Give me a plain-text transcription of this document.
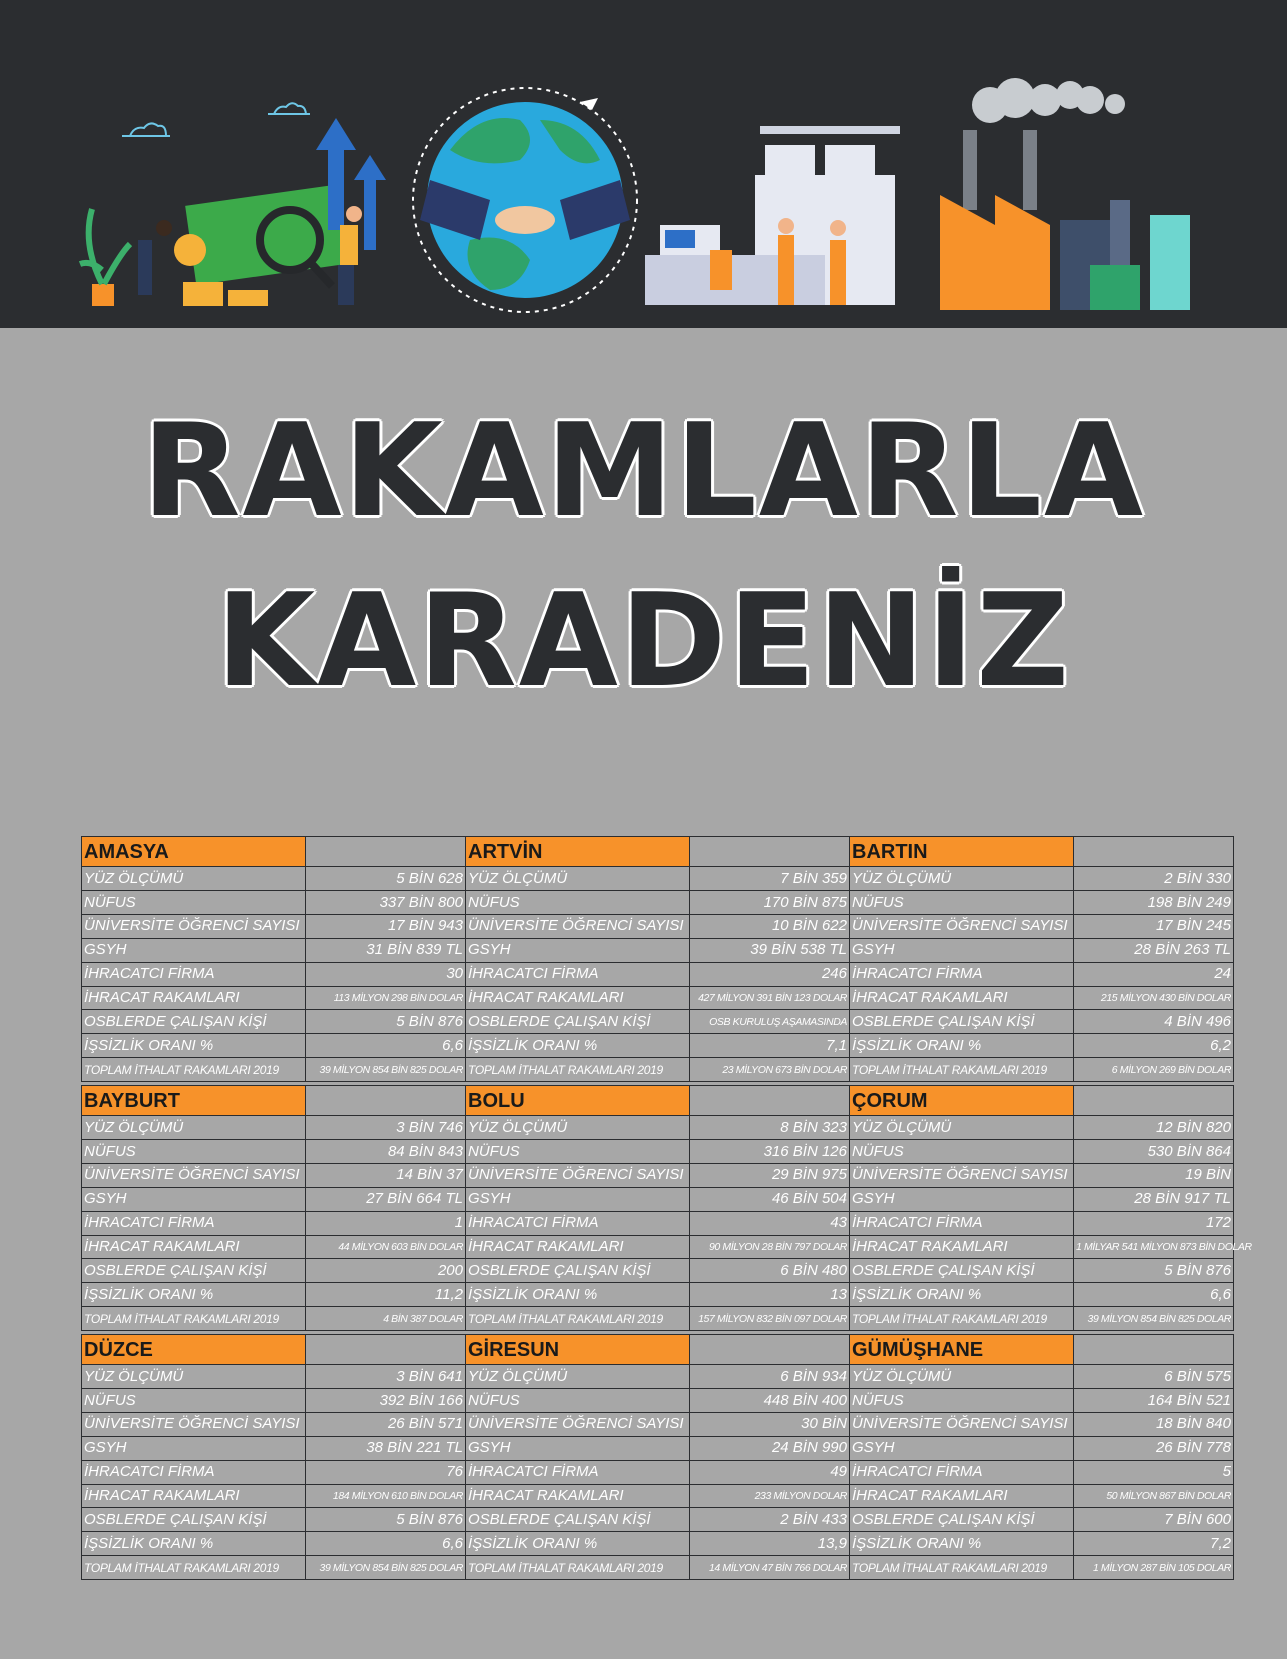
RAKAMLARLA
KARADENİZ
AMASYA	
YÜZ ÖLÇÜMÜ	5 BİN 628
NÜFUS	337 BİN 800
ÜNİVERSİTE ÖĞRENCİ SAYISI	17 BİN 943
GSYH	31 BİN 839 TL
İHRACATCI FİRMA	30
İHRACAT RAKAMLARI	113 MİLYON 298 BİN DOLAR
OSBLERDE ÇALIŞAN KİŞİ	5 BİN 876
İŞSİZLİK ORANI %	6,6
TOPLAM İTHALAT RAKAMLARI 2019	39 MİLYON 854 BİN 825 DOLAR
ARTVİN	
YÜZ ÖLÇÜMÜ	7 BİN 359
NÜFUS	170 BİN 875
ÜNİVERSİTE ÖĞRENCİ SAYISI	10 BİN 622
GSYH	39 BİN 538 TL
İHRACATCI FİRMA	246
İHRACAT RAKAMLARI	427 MİLYON 391 BİN 123 DOLAR
OSBLERDE ÇALIŞAN KİŞİ	OSB KURULUŞ AŞAMASINDA
İŞSİZLİK ORANI %	7,1
TOPLAM İTHALAT RAKAMLARI 2019	23 MİLYON 673 BİN DOLAR
BARTIN	
YÜZ ÖLÇÜMÜ	2 BİN 330
NÜFUS	198 BİN 249
ÜNİVERSİTE ÖĞRENCİ SAYISI	17 BİN 245
GSYH	28 BİN 263 TL
İHRACATCI FİRMA	24
İHRACAT RAKAMLARI	215 MİLYON 430 BİN DOLAR
OSBLERDE ÇALIŞAN KİŞİ	4 BİN 496
İŞSİZLİK ORANI %	6,2
TOPLAM İTHALAT RAKAMLARI 2019	6 MİLYON 269 BİN DOLAR
BAYBURT	
YÜZ ÖLÇÜMÜ	3 BİN 746
NÜFUS	84 BİN 843
ÜNİVERSİTE ÖĞRENCİ SAYISI	14 BİN 37
GSYH	27 BİN 664 TL
İHRACATCI FİRMA	1
İHRACAT RAKAMLARI	44 MİLYON 603 BİN DOLAR
OSBLERDE ÇALIŞAN KİŞİ	200
İŞSİZLİK ORANI %	11,2
TOPLAM İTHALAT RAKAMLARI 2019	4 BİN 387 DOLAR
BOLU	
YÜZ ÖLÇÜMÜ	8 BİN 323
NÜFUS	316 BİN 126
ÜNİVERSİTE ÖĞRENCİ SAYISI	29 BİN 975
GSYH	46 BİN 504
İHRACATCI FİRMA	43
İHRACAT RAKAMLARI	90 MİLYON 28 BİN 797 DOLAR
OSBLERDE ÇALIŞAN KİŞİ	6 BİN 480
İŞSİZLİK ORANI %	13
TOPLAM İTHALAT RAKAMLARI 2019	157 MİLYON 832 BİN 097 DOLAR
ÇORUM	
YÜZ ÖLÇÜMÜ	12 BİN 820
NÜFUS	530 BİN 864
ÜNİVERSİTE ÖĞRENCİ SAYISI	19 BİN
GSYH	28 BİN 917 TL
İHRACATCI FİRMA	172
İHRACAT RAKAMLARI	1 MİLYAR 541 MİLYON 873 BİN DOLAR
OSBLERDE ÇALIŞAN KİŞİ	5 BİN 876
İŞSİZLİK ORANI %	6,6
TOPLAM İTHALAT RAKAMLARI 2019	39 MİLYON 854 BİN 825 DOLAR
DÜZCE	
YÜZ ÖLÇÜMÜ	3 BİN 641
NÜFUS	392 BİN 166
ÜNİVERSİTE ÖĞRENCİ SAYISI	26 BİN 571
GSYH	38 BİN 221 TL
İHRACATCI FİRMA	76
İHRACAT RAKAMLARI	184 MİLYON 610 BİN DOLAR
OSBLERDE ÇALIŞAN KİŞİ	5 BİN 876
İŞSİZLİK ORANI %	6,6
TOPLAM İTHALAT RAKAMLARI 2019	39 MİLYON 854 BİN 825 DOLAR
GİRESUN	
YÜZ ÖLÇÜMÜ	6 BİN 934
NÜFUS	448 BİN 400
ÜNİVERSİTE ÖĞRENCİ SAYISI	30 BİN
GSYH	24 BİN 990
İHRACATCI FİRMA	49
İHRACAT RAKAMLARI	233 MİLYON DOLAR
OSBLERDE ÇALIŞAN KİŞİ	2 BİN 433
İŞSİZLİK ORANI %	13,9
TOPLAM İTHALAT RAKAMLARI 2019	14 MİLYON 47 BİN 766 DOLAR
GÜMÜŞHANE	
YÜZ ÖLÇÜMÜ	6 BİN 575
NÜFUS	164 BİN 521
ÜNİVERSİTE ÖĞRENCİ SAYISI	18 BİN 840
GSYH	26 BİN 778
İHRACATCI FİRMA	5
İHRACAT RAKAMLARI	50 MİLYON 867 BİN DOLAR
OSBLERDE ÇALIŞAN KİŞİ	7 BİN 600
İŞSİZLİK ORANI %	7,2
TOPLAM İTHALAT RAKAMLARI 2019	1 MİLYON 287 BİN 105 DOLAR
